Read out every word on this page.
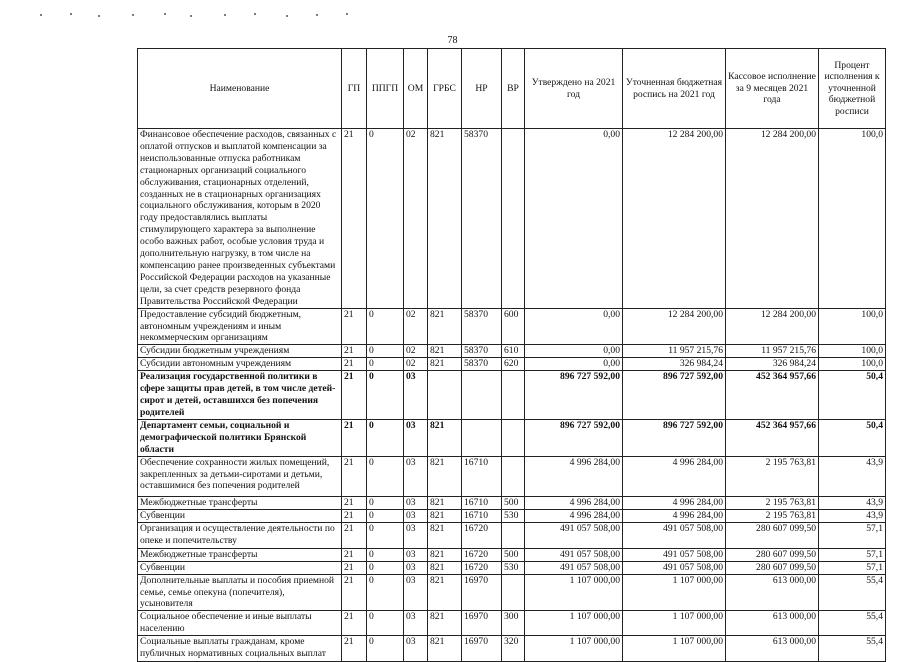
78
Наименование	ГП	ППГП	ОМ	ГРБС	НР	ВР	Утверждено на 2021 год	Уточненная бюджетная роспись на 2021 год	Кассовое исполнение за 9 месяцев 2021 года	Процент исполнения к уточненной бюджетной росписи
Финансовое обеспечение расходов, связанных с оплатой отпусков и выплатой компенсации за неиспользованные отпуска работникам стационарных организаций социального обслуживания, стационарных отделений, созданных не в стационарных организациях социального обслуживания, которым в 2020 году предоставлялись выплаты стимулирующего характера за выполнение особо важных работ, особые условия труда и дополнительную нагрузку, в том числе на компенсацию ранее произведенных субъектами Российской Федерации расходов на указанные цели, за счет средств резервного фонда Правительства Российской Федерации	21	0	02	821	58370		0,00	12 284 200,00	12 284 200,00	100,0
Предоставление субсидий бюджетным, автономным учреждениям и иным некоммерческим организациям	21	0	02	821	58370	600	0,00	12 284 200,00	12 284 200,00	100,0
Субсидии бюджетным учреждениям	21	0	02	821	58370	610	0,00	11 957 215,76	11 957 215,76	100,0
Субсидии автономным учреждениям	21	0	02	821	58370	620	0,00	326 984,24	326 984,24	100,0
Реализация государственной политики в сфере защиты прав детей, в том числе детей-сирот и детей, оставшихся без попечения родителей	21	0	03				896 727 592,00	896 727 592,00	452 364 957,66	50,4
Департамент семьи, социальной и демографической политики Брянской области	21	0	03	821			896 727 592,00	896 727 592,00	452 364 957,66	50,4
Обеспечение сохранности жилых помещений, закрепленных за детьми-сиротами и детьми, оставшимися без попечения родителей	21	0	03	821	16710		4 996 284,00	4 996 284,00	2 195 763,81	43,9
Межбюджетные трансферты	21	0	03	821	16710	500	4 996 284,00	4 996 284,00	2 195 763,81	43,9
Субвенции	21	0	03	821	16710	530	4 996 284,00	4 996 284,00	2 195 763,81	43,9
Организация и осуществление деятельности по опеке и попечительству	21	0	03	821	16720		491 057 508,00	491 057 508,00	280 607 099,50	57,1
Межбюджетные трансферты	21	0	03	821	16720	500	491 057 508,00	491 057 508,00	280 607 099,50	57,1
Субвенции	21	0	03	821	16720	530	491 057 508,00	491 057 508,00	280 607 099,50	57,1
Дополнительные выплаты и пособия приемной семье, семье опекуна (попечителя), усыновителя	21	0	03	821	16970		1 107 000,00	1 107 000,00	613 000,00	55,4
Социальное обеспечение и иные выплаты населению	21	0	03	821	16970	300	1 107 000,00	1 107 000,00	613 000,00	55,4
Социальные выплаты гражданам, кроме публичных нормативных социальных выплат	21	0	03	821	16970	320	1 107 000,00	1 107 000,00	613 000,00	55,4
